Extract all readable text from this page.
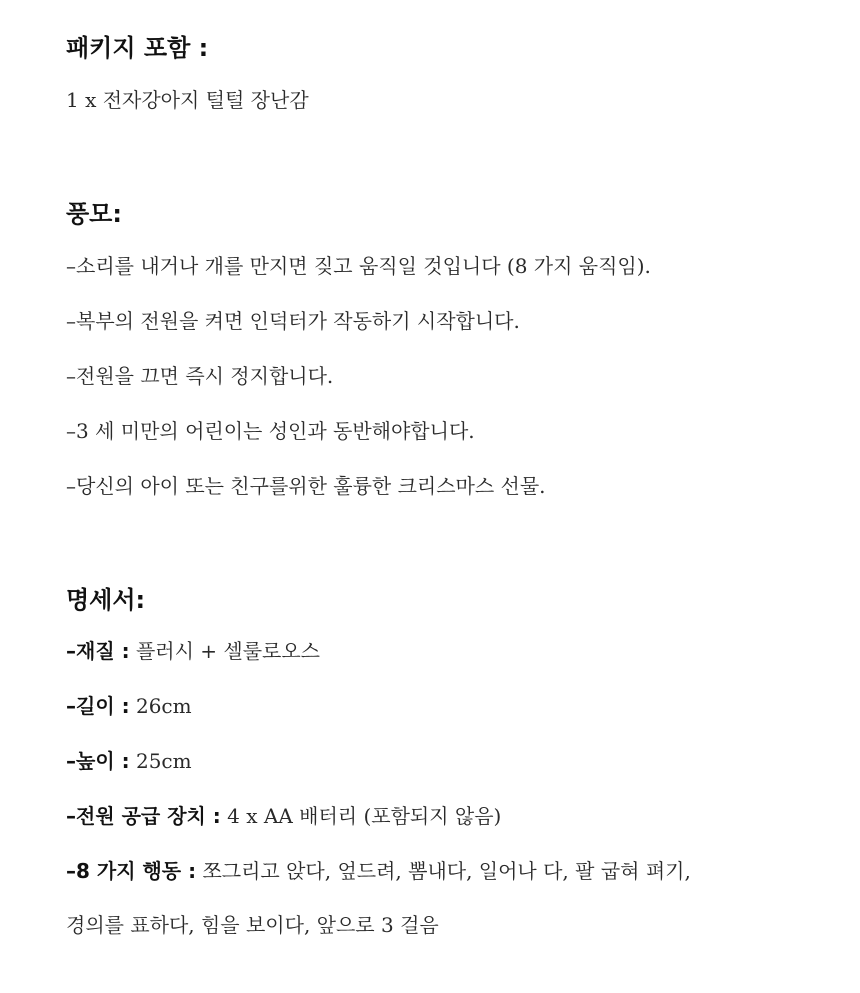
패키지 포함 :
1 x 전자강아지 털털 장난감
풍모:
–소리를 내거나 개를 만지면 짖고 움직일 것입니다 (8 가지 움직임).
–복부의 전원을 켜면 인덕터가 작동하기 시작합니다.
–전원을 끄면 즉시 정지합니다.
–3 세 미만의 어린이는 성인과 동반해야합니다.
–당신의 아이 또는 친구를위한 훌륭한 크리스마스 선물.
명세서:
–재질 : 플러시 + 셀룰로오스
–길이 : 26cm
–높이 : 25cm
–전원 공급 장치 : 4 x AA 배터리 (포함되지 않음)
–8 가지 행동 : 쪼그리고 앉다, 엎드려, 뽐내다, 일어나 다, 팔 굽혀 펴기,
경의를 표하다, 힘을 보이다, 앞으로 3 걸음
